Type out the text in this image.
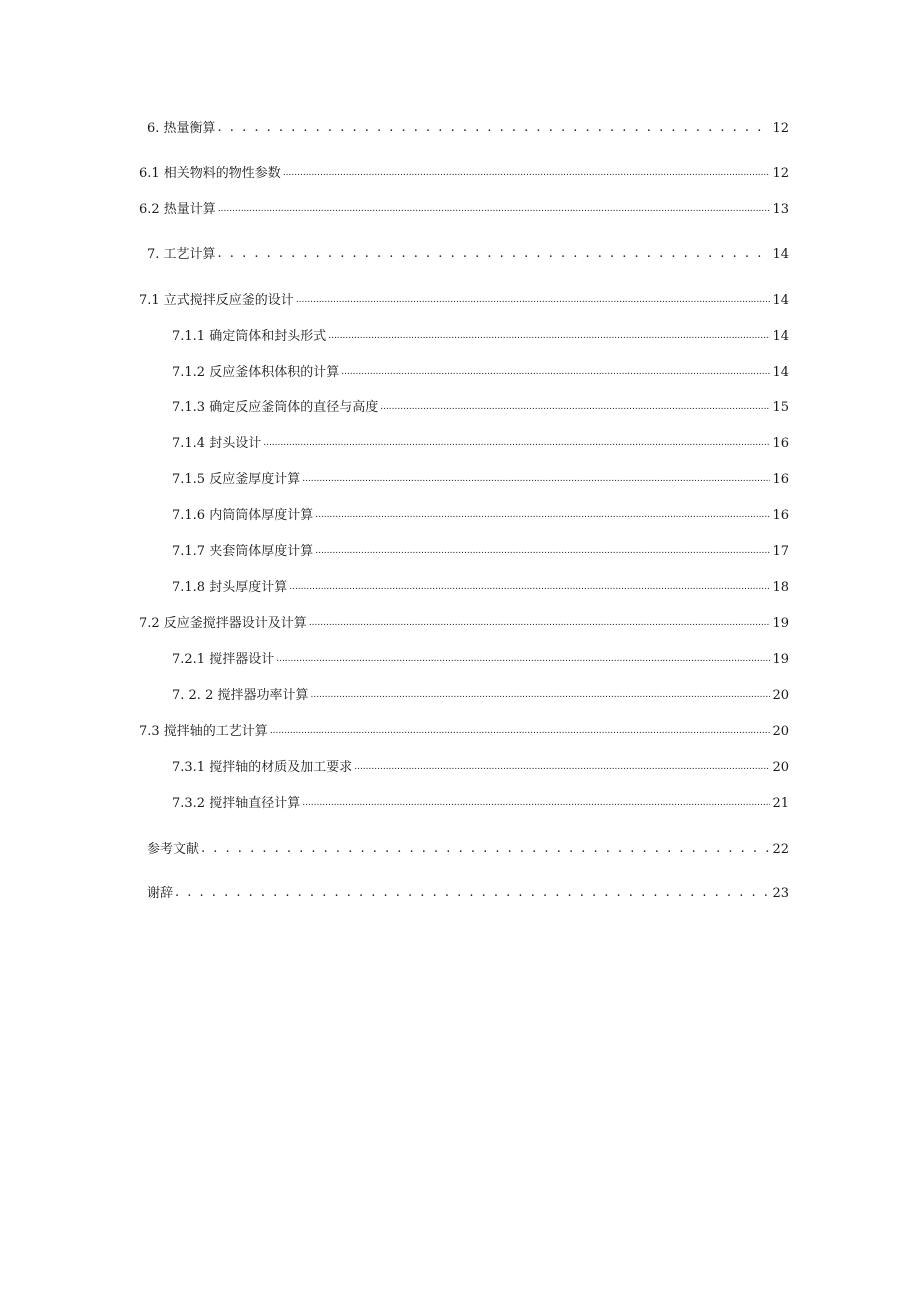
6. 热量衡算 . . .	12
6.1 相关物料的物性参数 .....	12
6.2 热量计算 .....	13
7. 工艺计算 . . .	14
7.1 立式搅拌反应釜的设计 .....	14
7.1.1 确定筒体和封头形式 .....	14
7.1.2 反应釜体积体积的计算 .....	14
7.1.3 确定反应釜筒体的直径与高度 .....	15
7.1.4 封头设计 .....	16
7.1.5 反应釜厚度计算 .....	16
7.1.6 内筒筒体厚度计算 .....	16
7.1.7 夹套筒体厚度计算 .....	17
7.1.8 封头厚度计算 .....	18
7.2 反应釜搅拌器设计及计算 .....	19
7.2.1 搅拌器设计 .....	19
7. 2. 2 搅拌器功率计算 .....	20
7.3 搅拌轴的工艺计算 .....	20
7.3.1 搅拌轴的材质及加工要求 .....	20
7.3.2 搅拌轴直径计算 .....	21
参考文献 . . .	22
谢辞 . . .	23
